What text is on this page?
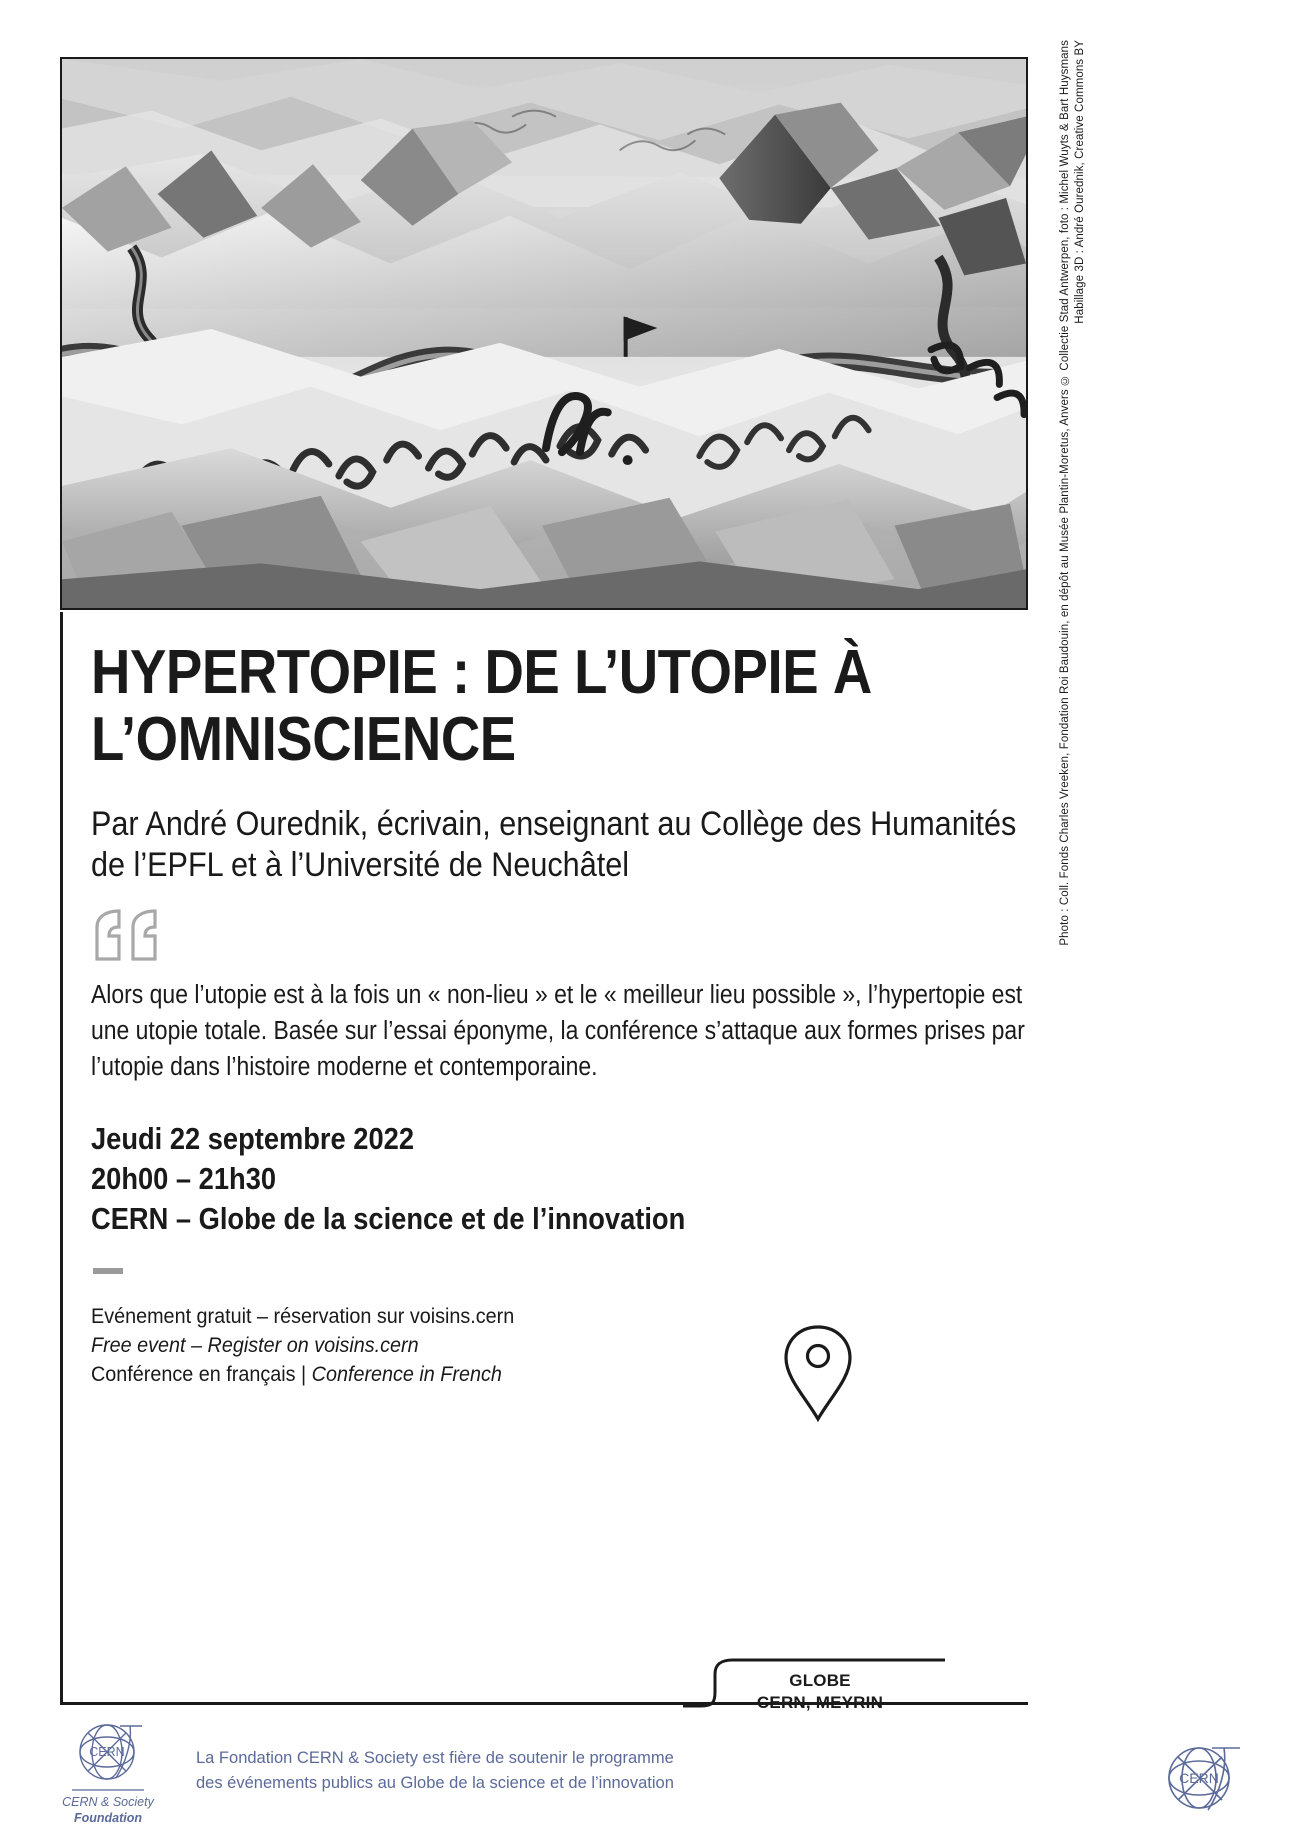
Photo : Coll. Fonds Charles Vreeken, Fondation Roi Baudouin, en dépôt au Musée Plantin-Moretus, Anvers © Collectie Stad Antwerpen, foto : Michel Wuyts & Bart Huysmans Habillage 3D : André Ourednik, Creative Commons BY
HYPERTOPIE : DE L’UTOPIE À L’OMNISCIENCE
Par André Ourednik, écrivain, enseignant au Collège des Humanités de l’EPFL et à l’Université de Neuchâtel

Alors que l’utopie est à la fois un « non-lieu » et le « meilleur lieu possible », l’hypertopie est une utopie totale. Basée sur l’essai éponyme, la conférence s’attaque aux formes prises par l’utopie dans l’histoire moderne et contemporaine.

Jeudi 22 septembre 2022
20h00 – 21h30
CERN – Globe de la science et de l’innovation
Evénement gratuit – réservation sur voisins.cern
Free event – Register on voisins.cern
Conférence en français | Conference in French
GLOBE
CERN, MEYRIN
CERN
CERN & Society
Foundation
La Fondation CERN & Society est fière de soutenir le programme
des événements publics au Globe de la science et de l’innovation	CERN
